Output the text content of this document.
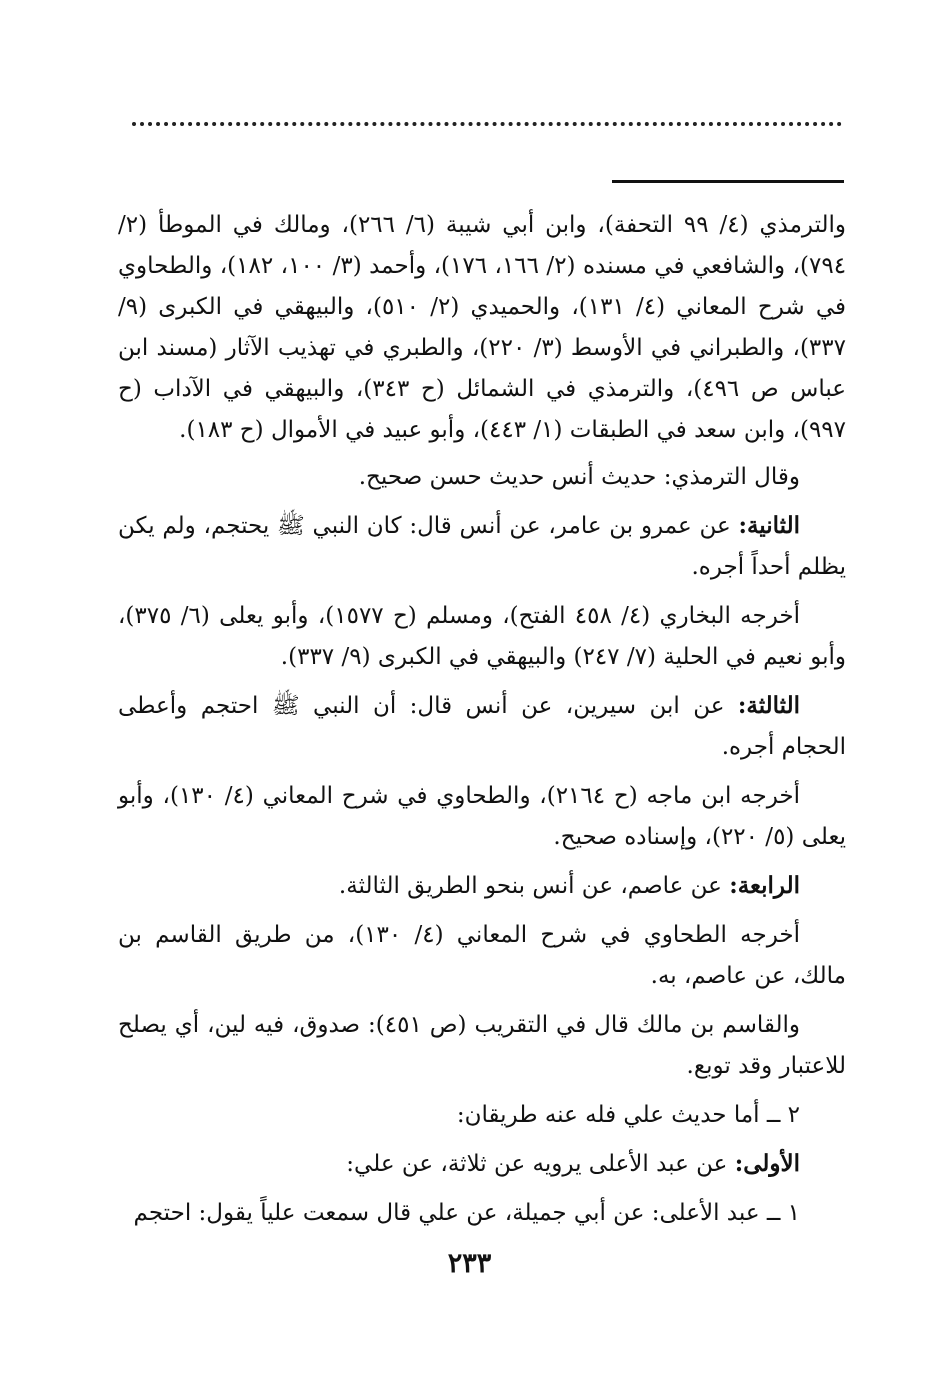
والترمذي (٤/ ٩٩ التحفة)، وابن أبي شيبة (٦/ ٢٦٦)، ومالك في الموطأ (٢/ ٧٩٤)، والشافعي في مسنده (٢/ ١٦٦، ١٧٦)، وأحمد (٣/ ١٠٠، ١٨٢)، والطحاوي في شرح المعاني (٤/ ١٣١)، والحميدي (٢/ ٥١٠)، والبيهقي في الكبرى (٩/ ٣٣٧)، والطبراني في الأوسط (٣/ ٢٢٠)، والطبري في تهذيب الآثار (مسند ابن عباس ص ٤٩٦)، والترمذي في الشمائل (ح ٣٤٣)، والبيهقي في الآداب (ح ٩٩٧)، وابن سعد في الطبقات (١/ ٤٤٣)، وأبو عبيد في الأموال (ح ١٨٣).

وقال الترمذي: حديث أنس حديث حسن صحيح.

الثانية: عن عمرو بن عامر، عن أنس قال: كان النبي ﷺ يحتجم، ولم يكن يظلم أحداً أجره.

أخرجه البخاري (٤/ ٤٥٨ الفتح)، ومسلم (ح ١٥٧٧)، وأبو يعلى (٦/ ٣٧٥)، وأبو نعيم في الحلية (٧/ ٢٤٧) والبيهقي في الكبرى (٩/ ٣٣٧).

الثالثة: عن ابن سيرين، عن أنس قال: أن النبي ﷺ احتجم وأعطى الحجام أجره.

أخرجه ابن ماجه (ح ٢١٦٤)، والطحاوي في شرح المعاني (٤/ ١٣٠)، وأبو يعلى (٥/ ٢٢٠)، وإسناده صحيح.

الرابعة: عن عاصم، عن أنس بنحو الطريق الثالثة.

أخرجه الطحاوي في شرح المعاني (٤/ ١٣٠)، من طريق القاسم بن مالك، عن عاصم، به.

والقاسم بن مالك قال في التقريب (ص ٤٥١): صدوق، فيه لين، أي يصلح للاعتبار وقد توبع.

٢ ــ أما حديث علي فله عنه طريقان:

الأولى: عن عبد الأعلى يرويه عن ثلاثة، عن علي:

١ ــ عبد الأعلى: عن أبي جميلة، عن علي قال سمعت علياً يقول: احتجم

٢٣٣
